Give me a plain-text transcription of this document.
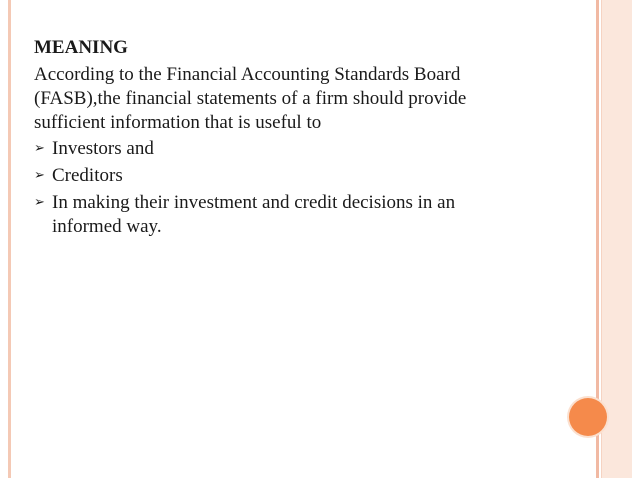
MEANING
According to the Financial Accounting Standards Board
(FASB),the financial statements of a firm should provide
sufficient information that is useful to
➢ Investors and
➢ Creditors
➢ In making their investment and credit decisions in an
informed way.
